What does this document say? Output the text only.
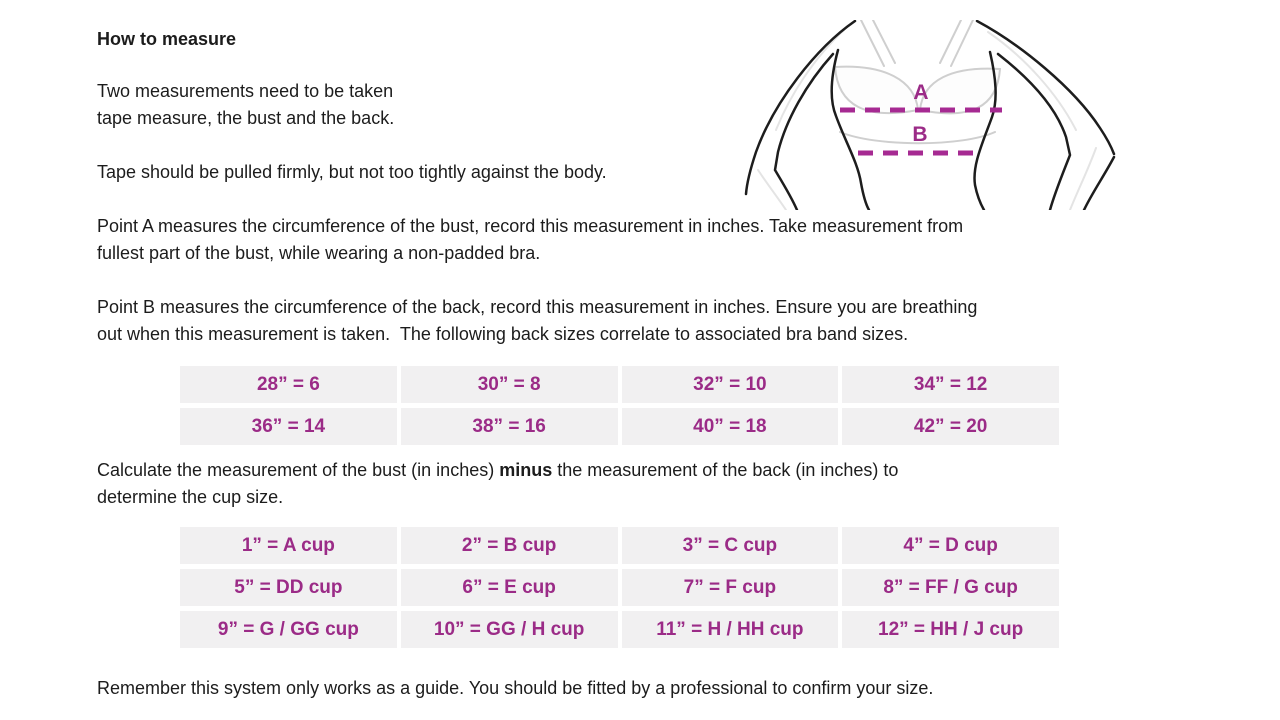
How to measure
Two measurements need to be taken
tape measure, the bust and the back.
Tape should be pulled firmly, but not too tightly against the body.
Point A measures the circumference of the bust, record this measurement in inches. Take measurement from
fullest part of the bust, while wearing a non-padded bra.
Point B measures the circumference of the back, record this measurement in inches. Ensure you are breathing
out when this measurement is taken.  The following back sizes correlate to associated bra band sizes.
28” = 6	30” = 8	32” = 10	34” = 12
36” = 14	38” = 16	40” = 18	42” = 20
Calculate the measurement of the bust (in inches) minus the measurement of the back (in inches) to
determine the cup size.
1” = A cup	2” = B cup	3” = C cup	4” = D cup
5” = DD cup	6” = E cup	7” = F cup	8” = FF / G cup
9” = G / GG cup	10” = GG / H cup	11” = H / HH cup	12” = HH / J cup
Remember this system only works as a guide. You should be fitted by a professional to confirm your size.
A
B
